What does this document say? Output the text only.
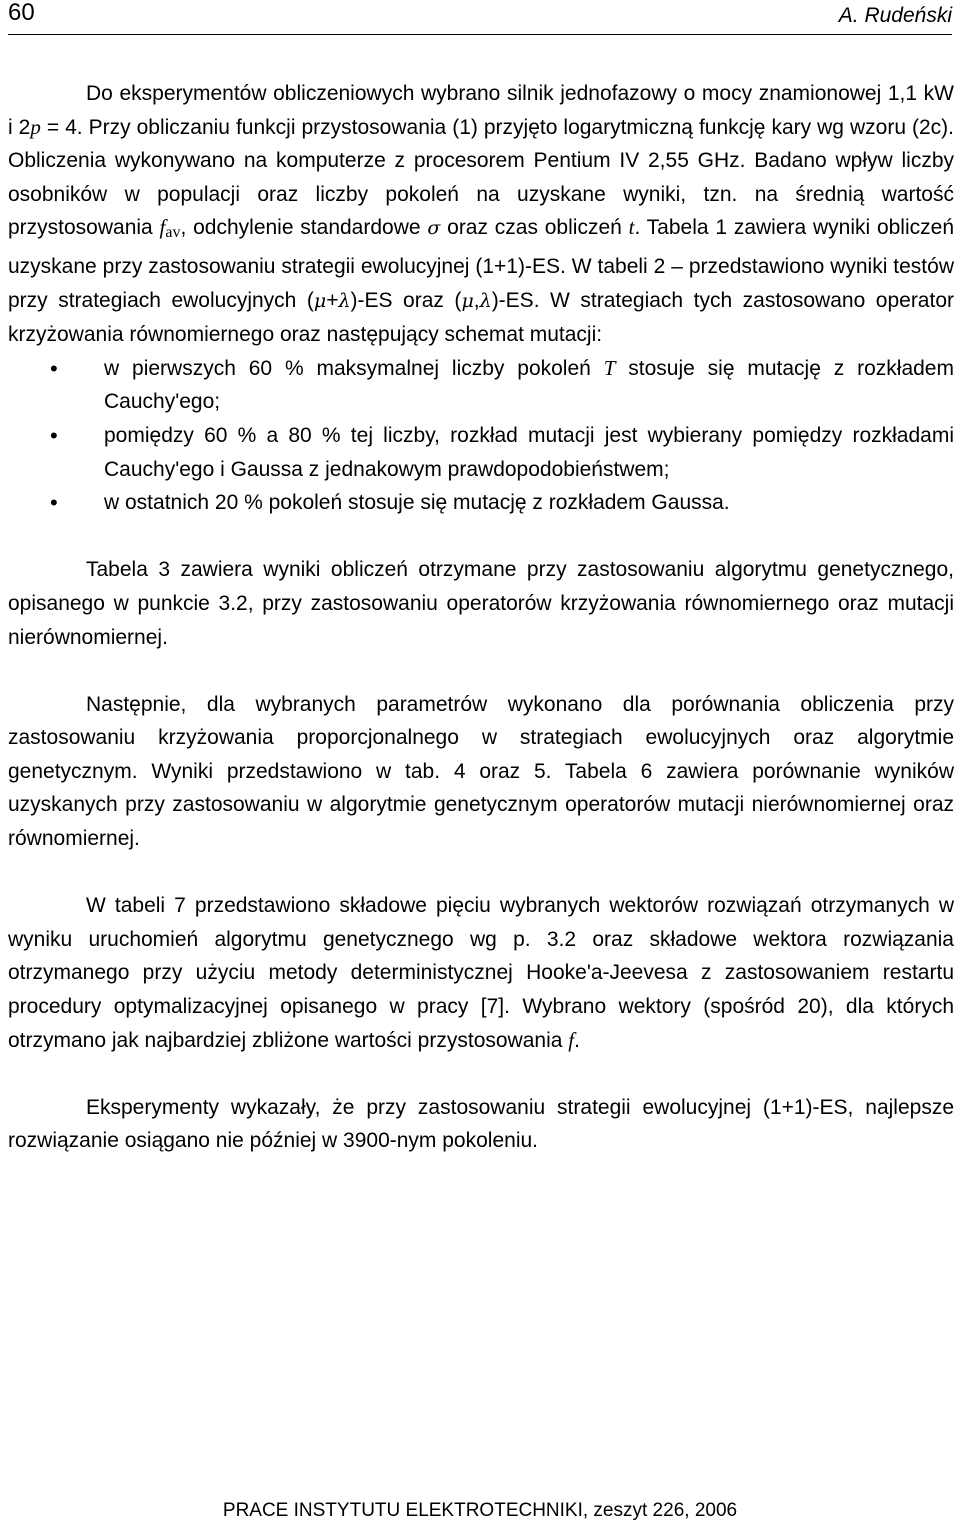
60	A. Rudeński

Do eksperymentów obliczeniowych wybrano silnik jednofazowy o mocy znamionowej 1,1 kW i 2p = 4. Przy obliczaniu funkcji przystosowania (1) przyjęto logarytmiczną funkcję kary wg wzoru (2c). Obliczenia wykonywano na komputerze z procesorem Pentium IV 2,55 GHz. Badano wpływ liczby osobników w populacji oraz liczby pokoleń na uzyskane wyniki, tzn. na średnią wartość przystosowania fav, odchylenie standardowe σ oraz czas obliczeń t. Tabela 1 zawiera wyniki obliczeń uzyskane przy zastosowaniu strategii ewolucyjnej (1+1)-ES. W tabeli 2 – przedstawiono wyniki testów przy strategiach ewolucyjnych (μ+λ)-ES oraz (μ,λ)-ES. W strategiach tych zastosowano operator krzyżowania równomiernego oraz następujący schemat mutacji:

• w pierwszych 60 % maksymalnej liczby pokoleń T stosuje się mutację z rozkładem Cauchy'ego;
• pomiędzy 60 % a 80 % tej liczby, rozkład mutacji jest wybierany pomiędzy rozkładami Cauchy'ego i Gaussa z jednakowym prawdopodobieństwem;
• w ostatnich 20 % pokoleń stosuje się mutację z rozkładem Gaussa.

Tabela 3 zawiera wyniki obliczeń otrzymane przy zastosowaniu algorytmu genetycznego, opisanego w punkcie 3.2, przy zastosowaniu operatorów krzyżowania równomiernego oraz mutacji nierównomiernej.

Następnie, dla wybranych parametrów wykonano dla porównania obliczenia przy zastosowaniu krzyżowania proporcjonalnego w strategiach ewolucyjnych oraz algorytmie genetycznym. Wyniki przedstawiono w tab. 4 oraz 5. Tabela 6 zawiera porównanie wyników uzyskanych przy zastosowaniu w algorytmie genetycznym operatorów mutacji nierównomiernej oraz równomiernej.

W tabeli 7 przedstawiono składowe pięciu wybranych wektorów rozwiązań otrzymanych w wyniku uruchomień algorytmu genetycznego wg p. 3.2 oraz składowe wektora rozwiązania otrzymanego przy użyciu metody deterministycznej Hooke'a-Jeevesa z zastosowaniem restartu procedury optymalizacyjnej opisanego w pracy [7]. Wybrano wektory (spośród 20), dla których otrzymano jak najbardziej zbliżone wartości przystosowania f.

Eksperymenty wykazały, że przy zastosowaniu strategii ewolucyjnej (1+1)-ES, najlepsze rozwiązanie osiągano nie później w 3900-nym pokoleniu.

PRACE INSTYTUTU ELEKTROTECHNIKI, zeszyt 226, 2006
